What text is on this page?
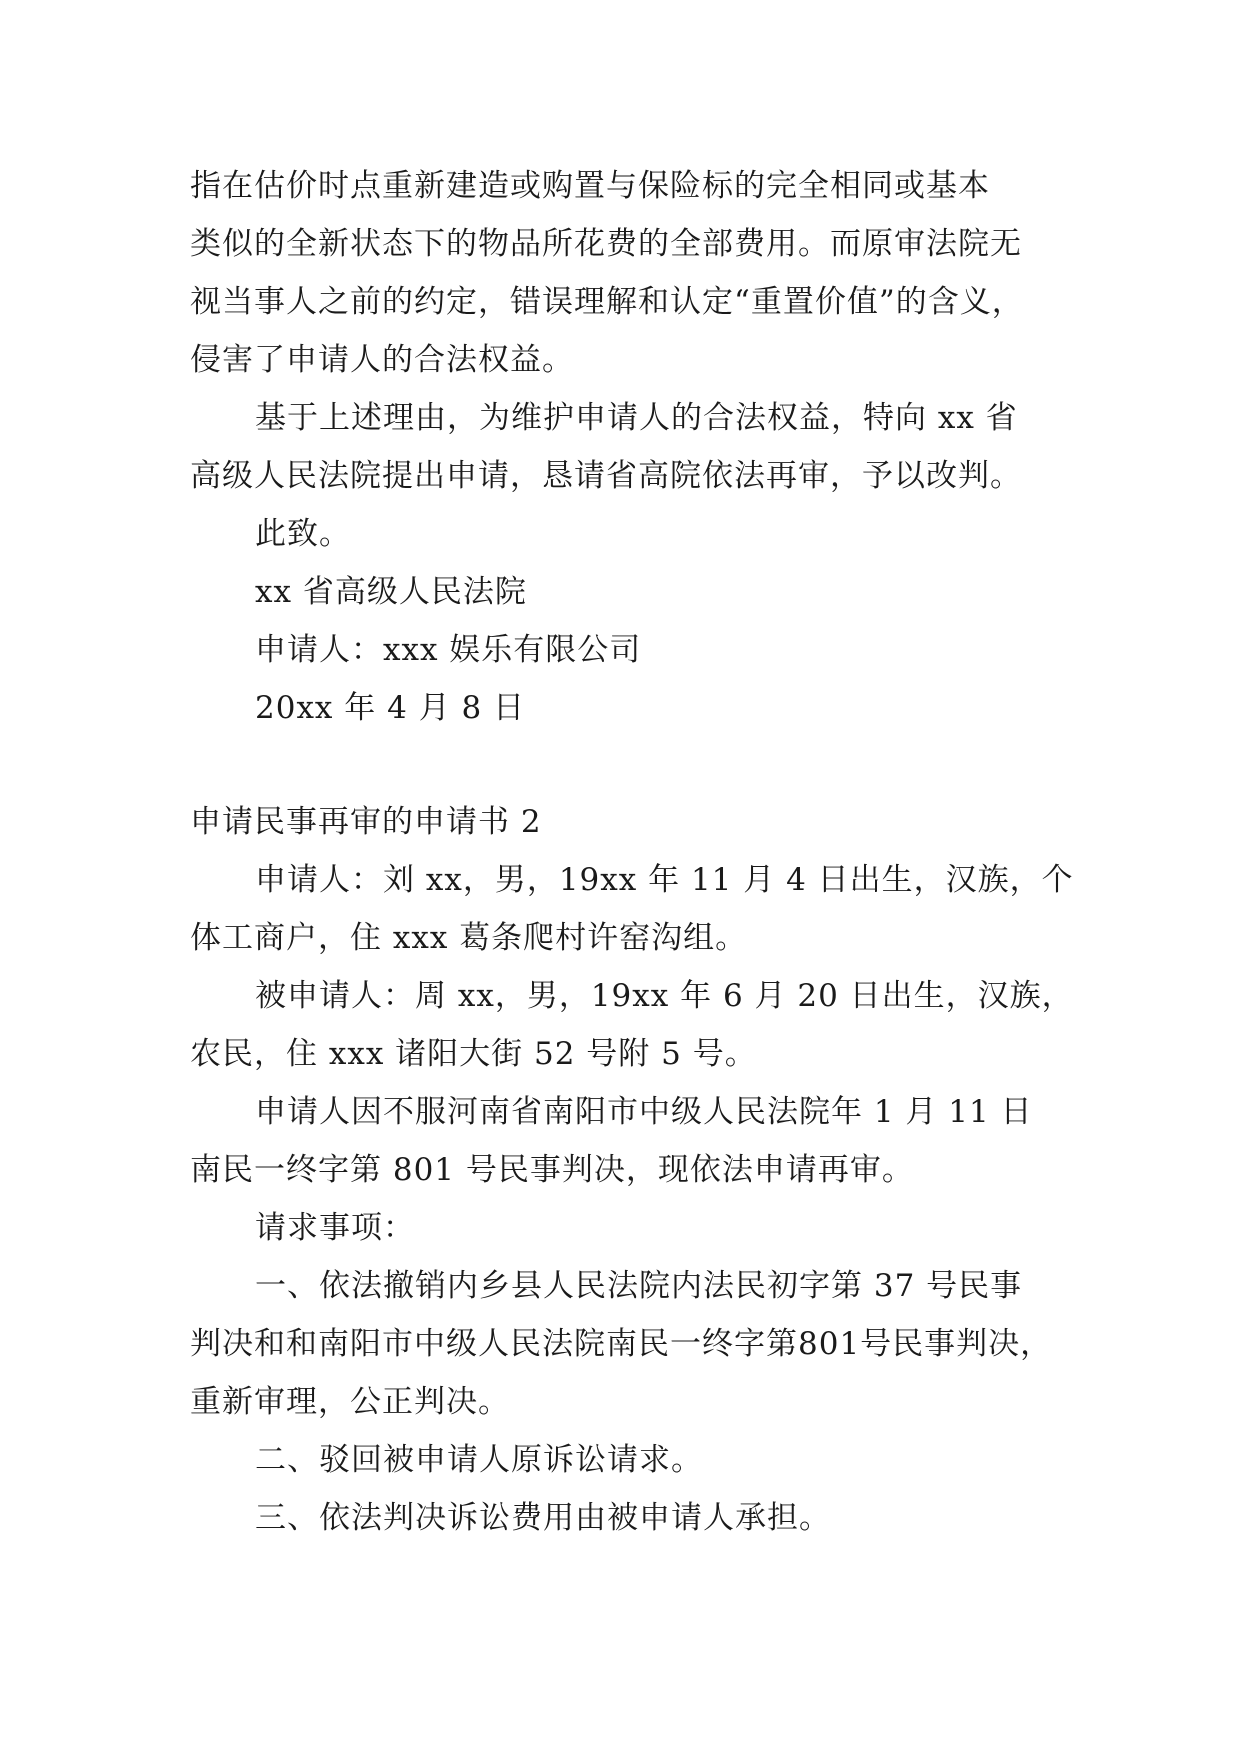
指在估价时点重新建造或购置与保险标的完全相同或基本
类似的全新状态下的物品所花费的全部费用。而原审法院无
视当事人之前的约定，错误理解和认定“重置价值”的含义，
侵害了申请人的合法权益。
基于上述理由，为维护申请人的合法权益，特向 xx 省
高级人民法院提出申请，恳请省高院依法再审，予以改判。
此致。
xx 省高级人民法院
申请人：xxx 娱乐有限公司
20xx 年 4 月 8 日
申请民事再审的申请书 2
申请人：刘 xx，男，19xx 年 11 月 4 日出生，汉族，个
体工商户，住 xxx 葛条爬村许窑沟组。
被申请人：周 xx，男，19xx 年 6 月 20 日出生，汉族，
农民，住 xxx 诸阳大街 52 号附 5 号。
申请人因不服河南省南阳市中级人民法院年 1 月 11 日
南民一终字第 801 号民事判决，现依法申请再审。
请求事项：
一、依法撤销内乡县人民法院内法民初字第 37 号民事
判决和和南阳市中级人民法院南民一终字第801号民事判决，
重新审理，公正判决。
二、驳回被申请人原诉讼请求。
三、依法判决诉讼费用由被申请人承担。
